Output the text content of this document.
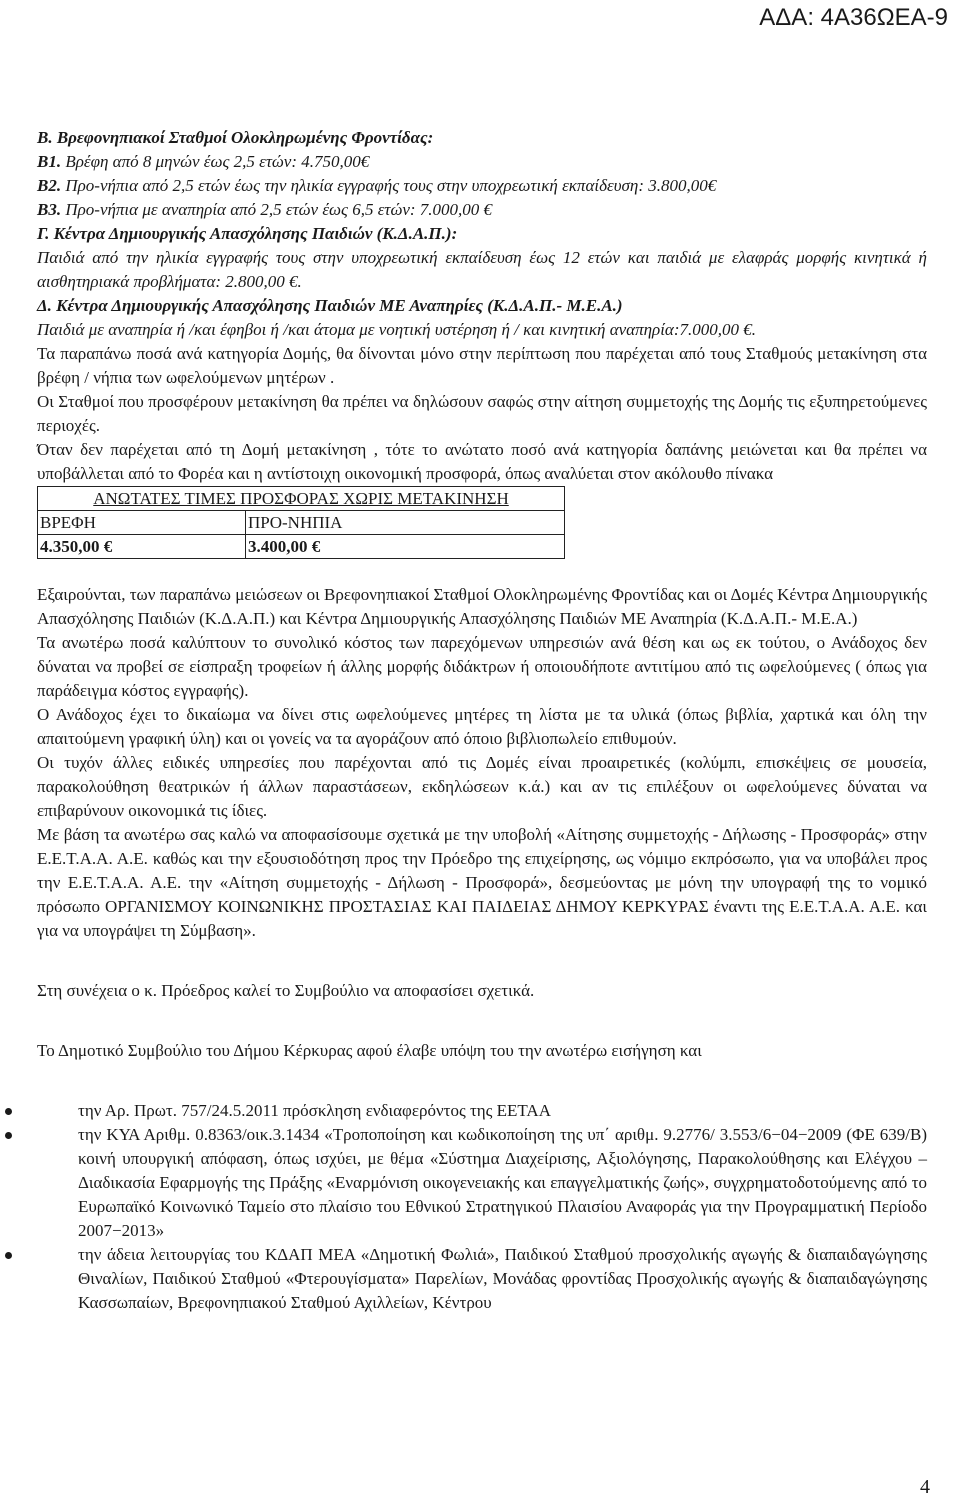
ΑΔΑ: 4Α36ΩΕΑ-9

Β. Βρεφονηπιακοί Σταθμοί Ολοκληρωμένης Φροντίδας:

Β1. Βρέφη από 8 μηνών έως 2,5 ετών: 4.750,00€

Β2. Προ-νήπια από 2,5 ετών έως την ηλικία εγγραφής τους στην υποχρεωτική εκπαίδευση: 3.800,00€

Β3. Προ-νήπια με αναπηρία από 2,5 ετών έως 6,5 ετών: 7.000,00 €

Γ. Κέντρα Δημιουργικής Απασχόλησης Παιδιών (Κ.Δ.Α.Π.):

Παιδιά από την ηλικία εγγραφής τους στην υποχρεωτική εκπαίδευση έως 12 ετών και παιδιά με ελαφράς μορφής κινητικά ή αισθητηριακά προβλήματα: 2.800,00 €.

Δ. Κέντρα Δημιουργικής Απασχόλησης Παιδιών ΜΕ Αναπηρίες (Κ.Δ.Α.Π.- Μ.Ε.Α.)

Παιδιά με αναπηρία ή /και έφηβοι ή /και άτομα με νοητική υστέρηση ή / και κινητική αναπηρία:7.000,00 €.

Τα παραπάνω ποσά ανά κατηγορία Δομής, θα δίνονται μόνο στην περίπτωση που παρέχεται από τους Σταθμούς μετακίνηση στα βρέφη / νήπια των ωφελούμενων μητέρων .

Οι Σταθμοί που προσφέρουν μετακίνηση θα πρέπει να δηλώσουν σαφώς στην αίτηση συμμετοχής της Δομής τις εξυπηρετούμενες περιοχές.

Όταν δεν παρέχεται από τη Δομή μετακίνηση , τότε το ανώτατο ποσό ανά κατηγορία δαπάνης μειώνεται και θα πρέπει να υποβάλλεται από το Φορέα και η αντίστοιχη οικονομική προσφορά, όπως αναλύεται στον ακόλουθο πίνακα

ΑΝΩΤΑΤΕΣ ΤΙΜΕΣ ΠΡΟΣΦΟΡΑΣ ΧΩΡΙΣ ΜΕΤΑΚΙΝΗΣΗ	
ΒΡΕΦΗ	ΠΡΟ-ΝΗΠΙΑ
4.350,00 €	3.400,00 €

Εξαιρούνται, των παραπάνω μειώσεων οι Βρεφονηπιακοί Σταθμοί Ολοκληρωμένης Φροντίδας και οι Δομές Κέντρα Δημιουργικής Απασχόλησης Παιδιών (Κ.Δ.Α.Π.) και Κέντρα Δημιουργικής Απασχόλησης Παιδιών ΜΕ Αναπηρία (Κ.Δ.Α.Π.- Μ.Ε.Α.)

Τα ανωτέρω ποσά καλύπτουν το συνολικό κόστος των παρεχόμενων υπηρεσιών ανά θέση και ως εκ τούτου, ο Ανάδοχος δεν δύναται να προβεί σε είσπραξη τροφείων ή άλλης μορφής διδάκτρων ή οποιουδήποτε αντιτίμου από τις ωφελούμενες ( όπως για παράδειγμα κόστος εγγραφής).

Ο Ανάδοχος έχει το δικαίωμα να δίνει στις ωφελούμενες μητέρες τη λίστα με τα υλικά (όπως βιβλία, χαρτικά και όλη την απαιτούμενη γραφική ύλη) και οι γονείς να τα αγοράζουν από όποιο βιβλιοπωλείο επιθυμούν.

Οι τυχόν άλλες ειδικές υπηρεσίες που παρέχονται από τις Δομές είναι προαιρετικές (κολύμπι, επισκέψεις σε μουσεία, παρακολούθηση θεατρικών ή άλλων παραστάσεων, εκδηλώσεων κ.ά.) και αν τις επιλέξουν οι ωφελούμενες δύναται να επιβαρύνουν οικονομικά τις ίδιες.

Με βάση τα ανωτέρω σας καλώ να αποφασίσουμε σχετικά με την υποβολή «Αίτησης συμμετοχής - Δήλωσης - Προσφοράς» στην Ε.Ε.Τ.Α.Α. Α.Ε. καθώς και την εξουσιοδότηση προς την Πρόεδρο της επιχείρησης, ως νόμιμο εκπρόσωπο, για να υποβάλει προς την Ε.Ε.Τ.Α.Α. Α.Ε. την «Αίτηση συμμετοχής - Δήλωση - Προσφορά», δεσμεύοντας με μόνη την υπογραφή της το νομικό πρόσωπο ΟΡΓΑΝΙΣΜΟΥ ΚΟΙΝΩΝΙΚΗΣ ΠΡΟΣΤΑΣΙΑΣ ΚΑΙ ΠΑΙΔΕΙΑΣ ΔΗΜΟΥ ΚΕΡΚΥΡΑΣ έναντι της Ε.Ε.Τ.Α.Α. Α.Ε. και για να υπογράψει τη Σύμβαση».

Στη συνέχεια ο κ. Πρόεδρος καλεί το Συμβούλιο να αποφασίσει σχετικά.

Το Δημοτικό Συμβούλιο του Δήμου Κέρκυρας αφού έλαβε υπόψη του την ανωτέρω εισήγηση και

την Αρ. Πρωτ. 757/24.5.2011 πρόσκληση ενδιαφερόντος της ΕΕΤΑΑ
την ΚΥΑ Αριθμ. 0.8363/οικ.3.1434 «Τροποποίηση και κωδικοποίηση της υπ΄ αριθμ. 9.2776/ 3.553/6−04−2009 (ΦΕ 639/Β) κοινή υπουργική απόφαση, όπως ισχύει, με θέμα «Σύστημα Διαχείρισης, Αξιολόγησης, Παρακολούθησης και Ελέγχου – Διαδικασία Εφαρμογής της Πράξης «Εναρμόνιση οικογενειακής και επαγγελματικής ζωής», συγχρηματοδοτούμενης από το Ευρωπαϊκό Κοινωνικό Ταμείο στο πλαίσιο του Εθνικού Στρατηγικού Πλαισίου Αναφοράς για την Προγραμματική Περίοδο 2007−2013»
την άδεια λειτουργίας του ΚΔΑΠ ΜΕΑ «Δημοτική Φωλιά», Παιδικού Σταθμού προσχολικής αγωγής & διαπαιδαγώγησης Θιναλίων, Παιδικού Σταθμού «Φτερουγίσματα» Παρελίων, Μονάδας φροντίδας Προσχολικής αγωγής & διαπαιδαγώγησης Κασσωπαίων, Βρεφονηπιακού Σταθμού Αχιλλείων, Κέντρου

4
